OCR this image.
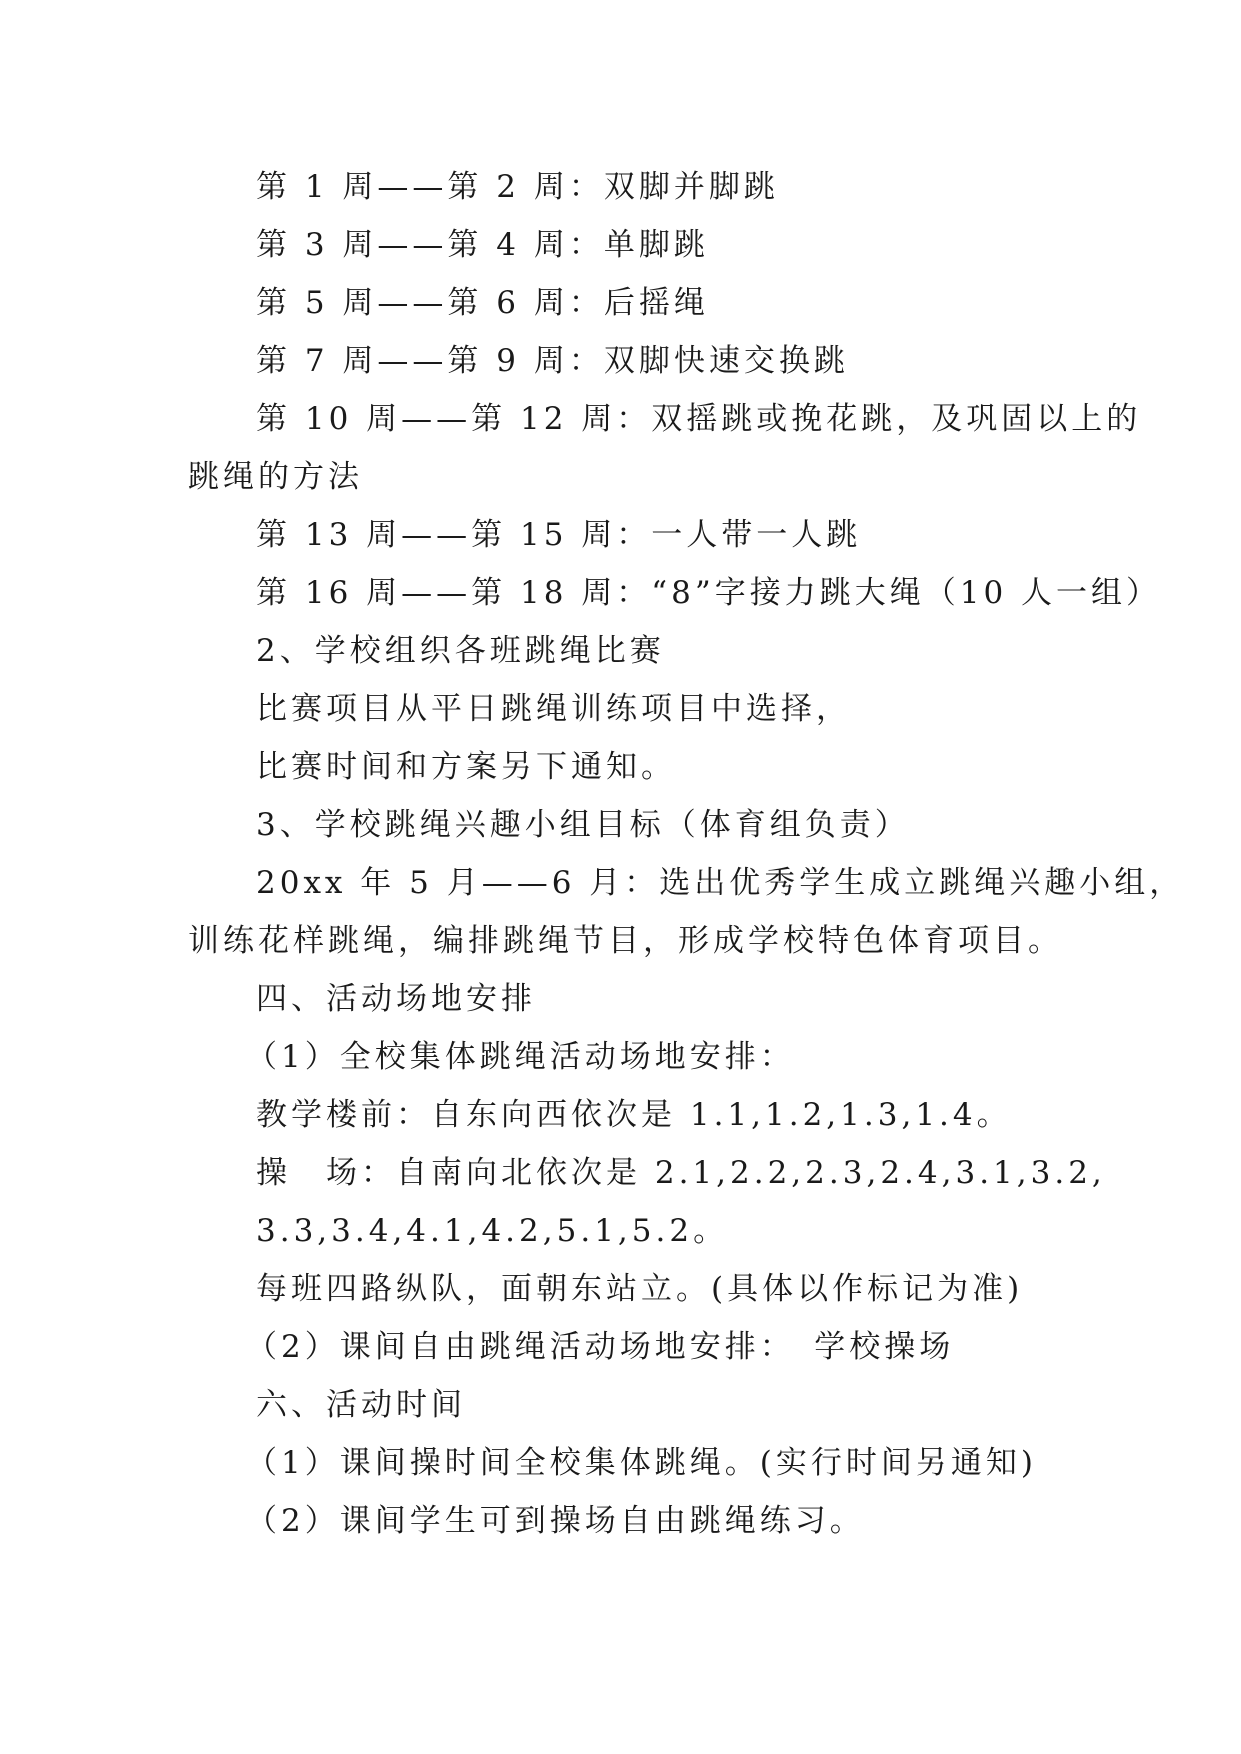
第 1 周——第 2 周：双脚并脚跳
第 3 周——第 4 周：单脚跳
第 5 周——第 6 周：后摇绳
第 7 周——第 9 周：双脚快速交换跳
第 10 周——第 12 周：双摇跳或挽花跳，及巩固以上的
跳绳的方法
第 13 周——第 15 周：一人带一人跳
第 16 周——第 18 周：“8”字接力跳大绳（10 人一组）
2、学校组织各班跳绳比赛
比赛项目从平日跳绳训练项目中选择，
比赛时间和方案另下通知。
3、学校跳绳兴趣小组目标（体育组负责）
20xx 年 5 月——6 月：选出优秀学生成立跳绳兴趣小组，
训练花样跳绳，编排跳绳节目，形成学校特色体育项目。
四、活动场地安排
（1）全校集体跳绳活动场地安排：
教学楼前：自东向西依次是 1.1,1.2,1.3,1.4。
操　场：自南向北依次是 2.1,2.2,2.3,2.4,3.1,3.2,
3.3,3.4,4.1,4.2,5.1,5.2。
每班四路纵队，面朝东站立。(具体以作标记为准)
（2）课间自由跳绳活动场地安排：　学校操场
六、活动时间
（1）课间操时间全校集体跳绳。(实行时间另通知)
（2）课间学生可到操场自由跳绳练习。
